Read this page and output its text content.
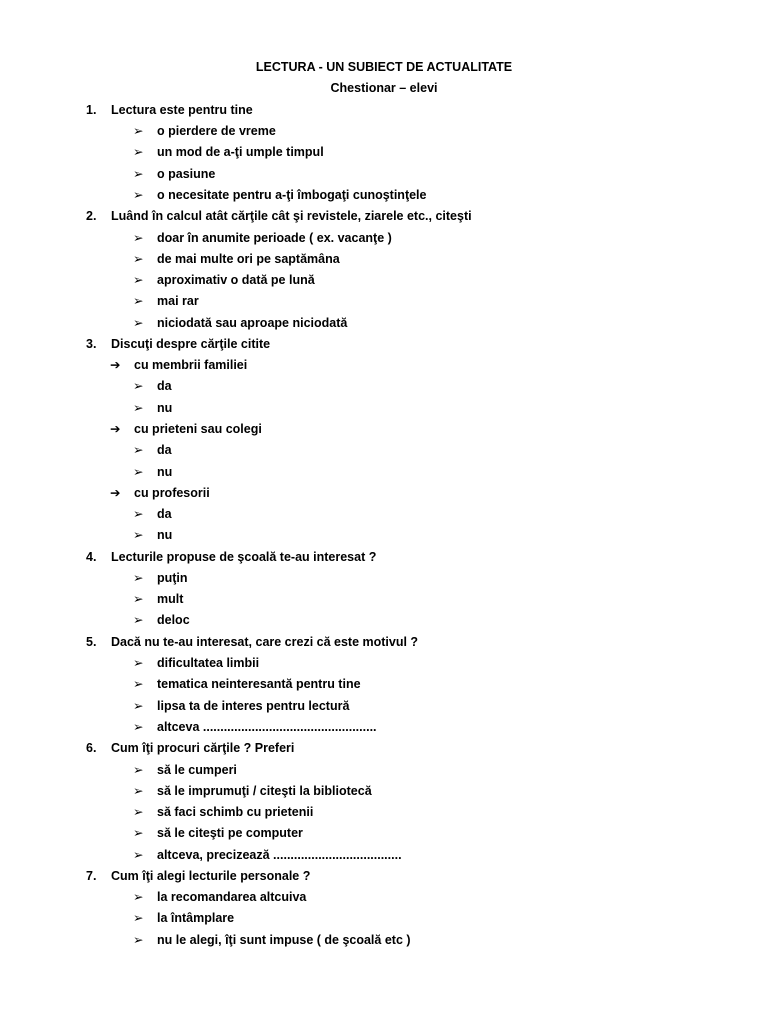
LECTURA - UN SUBIECT DE ACTUALITATE
Chestionar – elevi
1. Lectura este pentru tine
➢ o pierdere de vreme
➢ un mod de a-ţi umple timpul
➢ o pasiune
➢ o necesitate pentru a-ţi îmbogaţi cunoştinţele
2. Luând în calcul atât cărţile cât şi revistele, ziarele etc., citeşti
➢ doar în anumite perioade ( ex. vacanţe )
➢ de mai multe ori pe saptămâna
➢ aproximativ o dată pe lună
➢ mai rar
➢ niciodată sau aproape niciodată
3. Discuţi despre cărţile citite
➔ cu membrii familiei
➢ da
➢ nu
➔ cu prieteni sau colegi
➢ da
➢ nu
➔ cu profesorii
➢ da
➢ nu
4. Lecturile propuse de şcoală te-au interesat ?
➢ puţin
➢ mult
➢ deloc
5. Dacă nu te-au interesat, care crezi că este motivul ?
➢ dificultatea limbii
➢ tematica neinteresantă pentru tine
➢ lipsa ta de interes pentru lectură
➢ altceva ..................................................
6. Cum îţi procuri cărţile ? Preferi
➢ să le cumperi
➢ să le imprumuţi / citeşti la bibliotecă
➢ să faci schimb cu prietenii
➢ să le citeşti pe computer
➢ altceva, precizează .....................................
7. Cum îţi alegi lecturile personale ?
➢ la recomandarea altcuiva
➢ la întâmplare
➢ nu le alegi, îţi sunt impuse ( de şcoală etc )
